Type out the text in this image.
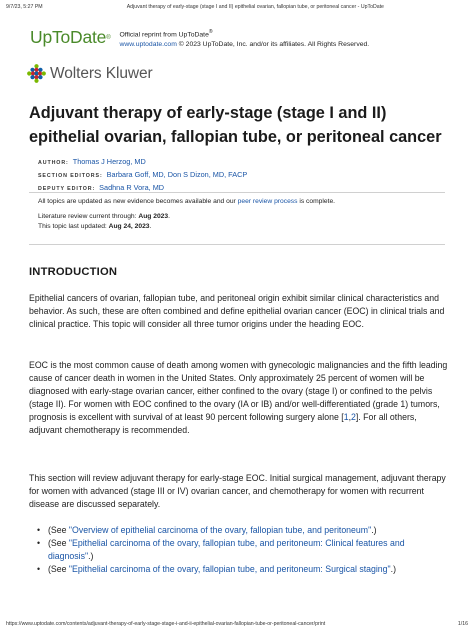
9/7/23, 5:27 PM	Adjuvant therapy of early-stage (stage I and II) epithelial ovarian, fallopian tube, or peritoneal cancer - UpToDate
UpToDate® Official reprint from UpToDate®
www.uptodate.com © 2023 UpToDate, Inc. and/or its affiliates. All Rights Reserved.
Wolters Kluwer
Adjuvant therapy of early-stage (stage I and II) epithelial ovarian, fallopian tube, or peritoneal cancer
AUTHOR: Thomas J Herzog, MD
SECTION EDITORS: Barbara Goff, MD, Don S Dizon, MD, FACP
DEPUTY EDITOR: Sadhna R Vora, MD

All topics are updated as new evidence becomes available and our peer review process is complete.

Literature review current through: Aug 2023.

This topic last updated: Aug 24, 2023.

INTRODUCTION

Epithelial cancers of ovarian, fallopian tube, and peritoneal origin exhibit similar clinical characteristics and behavior. As such, these are often combined and define epithelial ovarian cancer (EOC) in clinical trials and clinical practice. This topic will consider all three tumor origins under the heading EOC.

EOC is the most common cause of death among women with gynecologic malignancies and the fifth leading cause of cancer death in women in the United States. Only approximately 25 percent of women will be diagnosed with early-stage ovarian cancer, either confined to the ovary (stage I) or confined to the pelvis (stage II). For women with EOC confined to the ovary (IA or IB) and/or well-differentiated (grade 1) tumors, prognosis is excellent with survival of at least 90 percent following surgery alone [1,2]. For all others, adjuvant chemotherapy is recommended.

This section will review adjuvant therapy for early-stage EOC. Initial surgical management, adjuvant therapy for women with advanced (stage III or IV) ovarian cancer, and chemotherapy for women with recurrent disease are discussed separately.

• (See "Overview of epithelial carcinoma of the ovary, fallopian tube, and peritoneum".)
• (See "Epithelial carcinoma of the ovary, fallopian tube, and peritoneum: Clinical features and diagnosis".)
• (See "Epithelial carcinoma of the ovary, fallopian tube, and peritoneum: Surgical staging".)
https://www.uptodate.com/contents/adjuvant-therapy-of-early-stage-stage-i-and-ii-epithelial-ovarian-fallopian-tube-or-peritoneal-cancer/print	1/16
